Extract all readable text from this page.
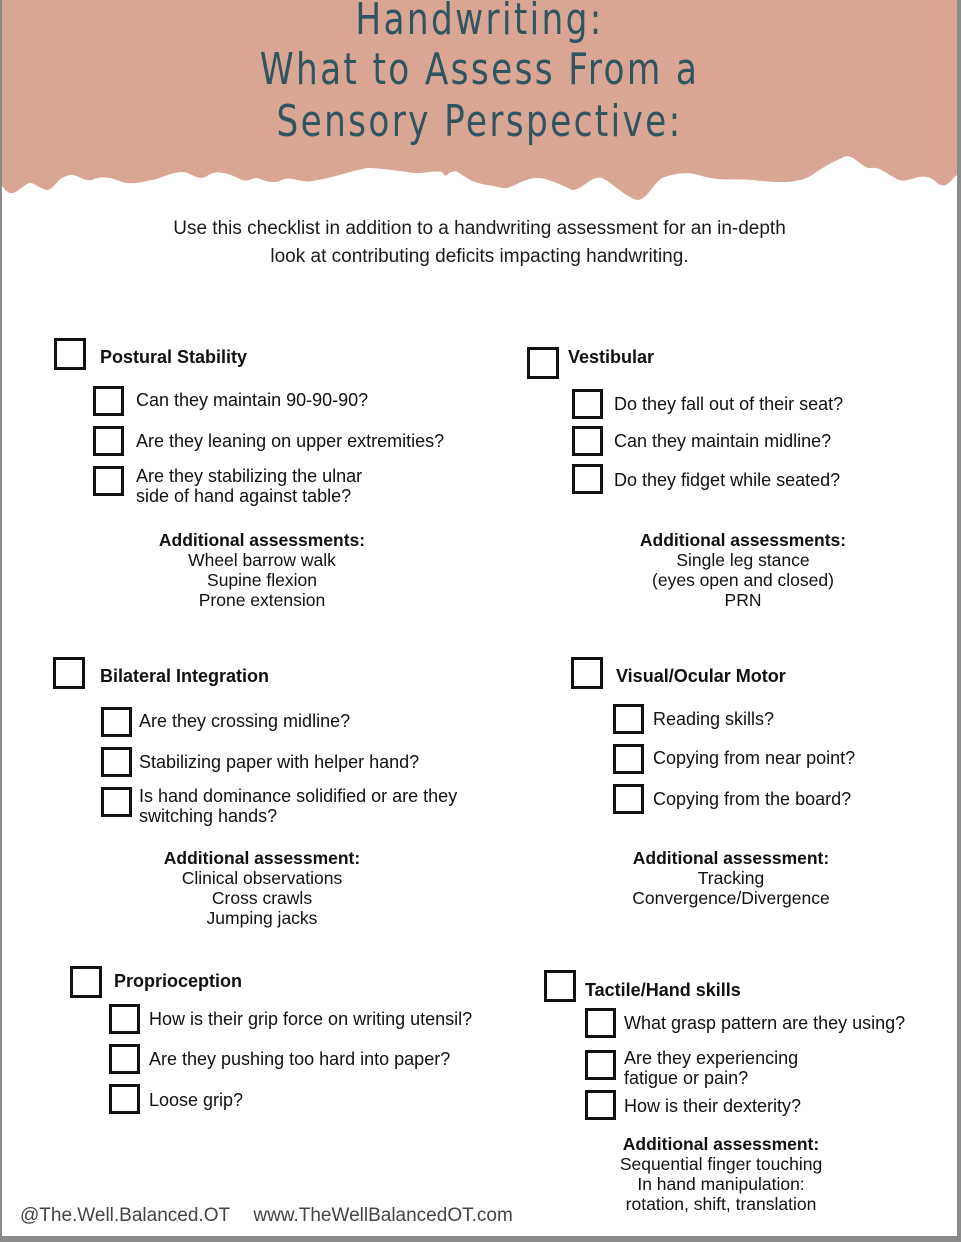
Handwriting:
What to Assess From a
Sensory Perspective:
Use this checklist in addition to a handwriting assessment for an in-depth
look at contributing deficits impacting handwriting.
Postural Stability
Can they maintain 90-90-90?
Are they leaning on upper extremities?
Are they stabilizing the ulnar
side of hand against table?
Additional assessments:
Wheel barrow walk
Supine flexion
Prone extension
Vestibular
Do they fall out of their seat?
Can they maintain midline?
Do they fidget while seated?
Additional assessments:
Single leg stance
(eyes open and closed)
PRN
Bilateral Integration
Are they crossing midline?
Stabilizing paper with helper hand?
Is hand dominance solidified or are they
switching hands?
Additional assessment:
Clinical observations
Cross crawls
Jumping jacks
Visual/Ocular Motor
Reading skills?
Copying from near point?
Copying from the board?
Additional assessment:
Tracking
Convergence/Divergence
Proprioception
How is their grip force on writing utensil?
Are they pushing too hard into paper?
Loose grip?
Tactile/Hand skills
What grasp pattern are they using?
Are they experiencing
fatigue or pain?
How is their dexterity?
Additional assessment:
Sequential finger touching
In hand manipulation:
rotation, shift, translation
@The.Well.Balanced.OT www.TheWellBalancedOT.com
